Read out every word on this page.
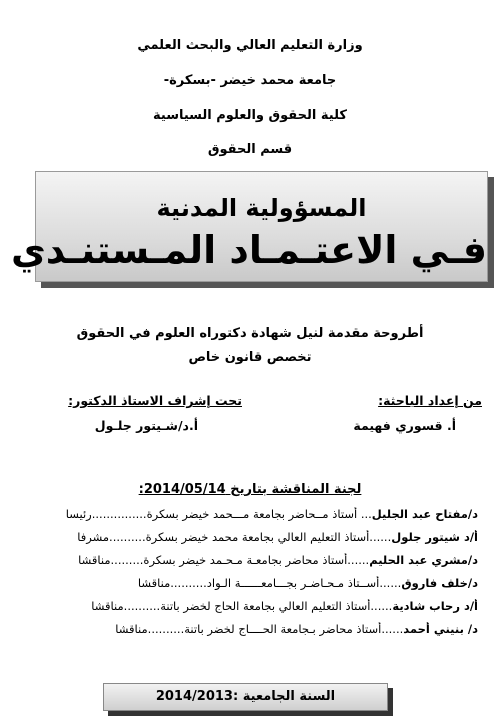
وزارة التعليم العالي والبحث العلمي
جامعة محمد خيضر -بسكرة-
كلية الحقوق والعلوم السياسية
قسم الحقوق
المسؤولية المدنية
فـي الاعتـمـاد المـستنـدي
أطروحة مقدمة لنيل شهادة دكتوراه العلوم في الحقوق
تخصص قانون خاص
من إعداد الباحثة:
أ. قسوري فهيمة
تحت إشراف الاستاذ الدكتور:
أ.د/شـيتور جلـول
لجنة المناقشة بتاريخ 2014/05/14:
د/مفتاح عبد الجليل... أستاذ مــحاضر بجامعة مـــحمد خيضر بسكرة...............رئيسا
أ/د شيتور جلول......أستاذ التعليم العالي بجامعة محمد خيضر بسكرة..........مشرفا
د/مشري عبد الحليم......أستاذ محاضر بجامعـة مـحـمد خيضر بسكرة.........مناقشا
د/خلف فاروق......أســتاذ مـحـاضـر بجـــامعــــــة الـواد..........مناقشا
أ/د رحاب شادية......أستاذ التعليم العالي بجامعة الحاج لخضر باتنة..........مناقشا
د/ بنيني أحمد......أستاذ محاضر بـجامعة الحــــاج لخضر باتنة..........مناقشا
السنة الجامعية :2014/2013
